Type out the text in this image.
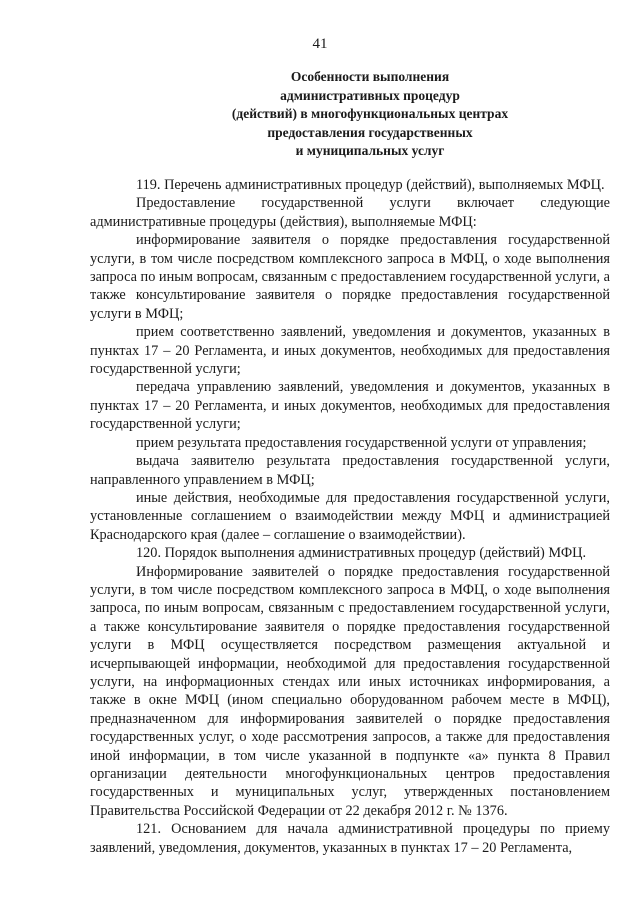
41
Особенности выполнения
административных процедур
(действий) в многофункциональных центрах
предоставления государственных
и муниципальных услуг

119. Перечень административных процедур (действий), выполняемых МФЦ.

Предоставление государственной услуги включает следующие административные процедуры (действия), выполняемые МФЦ:

информирование заявителя о порядке предоставления государственной услуги, в том числе посредством комплексного запроса в МФЦ, о ходе выполнения запроса по иным вопросам, связанным с предоставлением государственной услуги, а также консультирование заявителя о порядке предоставления государственной услуги в МФЦ;

прием соответственно заявлений, уведомления и документов, указанных в пунктах 17 – 20 Регламента, и иных документов, необходимых для предоставления государственной услуги;

передача управлению заявлений, уведомления и документов, указанных в пунктах 17 – 20 Регламента, и иных документов, необходимых для предоставления государственной услуги;

прием результата предоставления государственной услуги от управления;

выдача заявителю результата предоставления государственной услуги, направленного управлением в МФЦ;

иные действия, необходимые для предоставления государственной услуги, установленные соглашением о взаимодействии между МФЦ и администрацией Краснодарского края (далее – соглашение о взаимодействии).

120. Порядок выполнения административных процедур (действий) МФЦ.

Информирование заявителей о порядке предоставления государственной услуги, в том числе посредством комплексного запроса в МФЦ, о ходе выполнения запроса, по иным вопросам, связанным с предоставлением государственной услуги, а также консультирование заявителя о порядке предоставления государственной услуги в МФЦ осуществляется посредством размещения актуальной и исчерпывающей информации, необходимой для предоставления государственной услуги, на информационных стендах или иных источниках информирования, а также в окне МФЦ (ином специально оборудованном рабочем месте в МФЦ), предназначенном для информирования заявителей о порядке предоставления государственных услуг, о ходе рассмотрения запросов, а также для предоставления иной информации, в том числе указанной в подпункте «а» пункта 8 Правил организации деятельности многофункциональных центров предоставления государственных и муниципальных услуг, утвержденных постановлением Правительства Российской Федерации от 22 декабря 2012 г. № 1376.

121. Основанием для начала административной процедуры по приему заявлений, уведомления, документов, указанных в пунктах 17 – 20 Регламента,
